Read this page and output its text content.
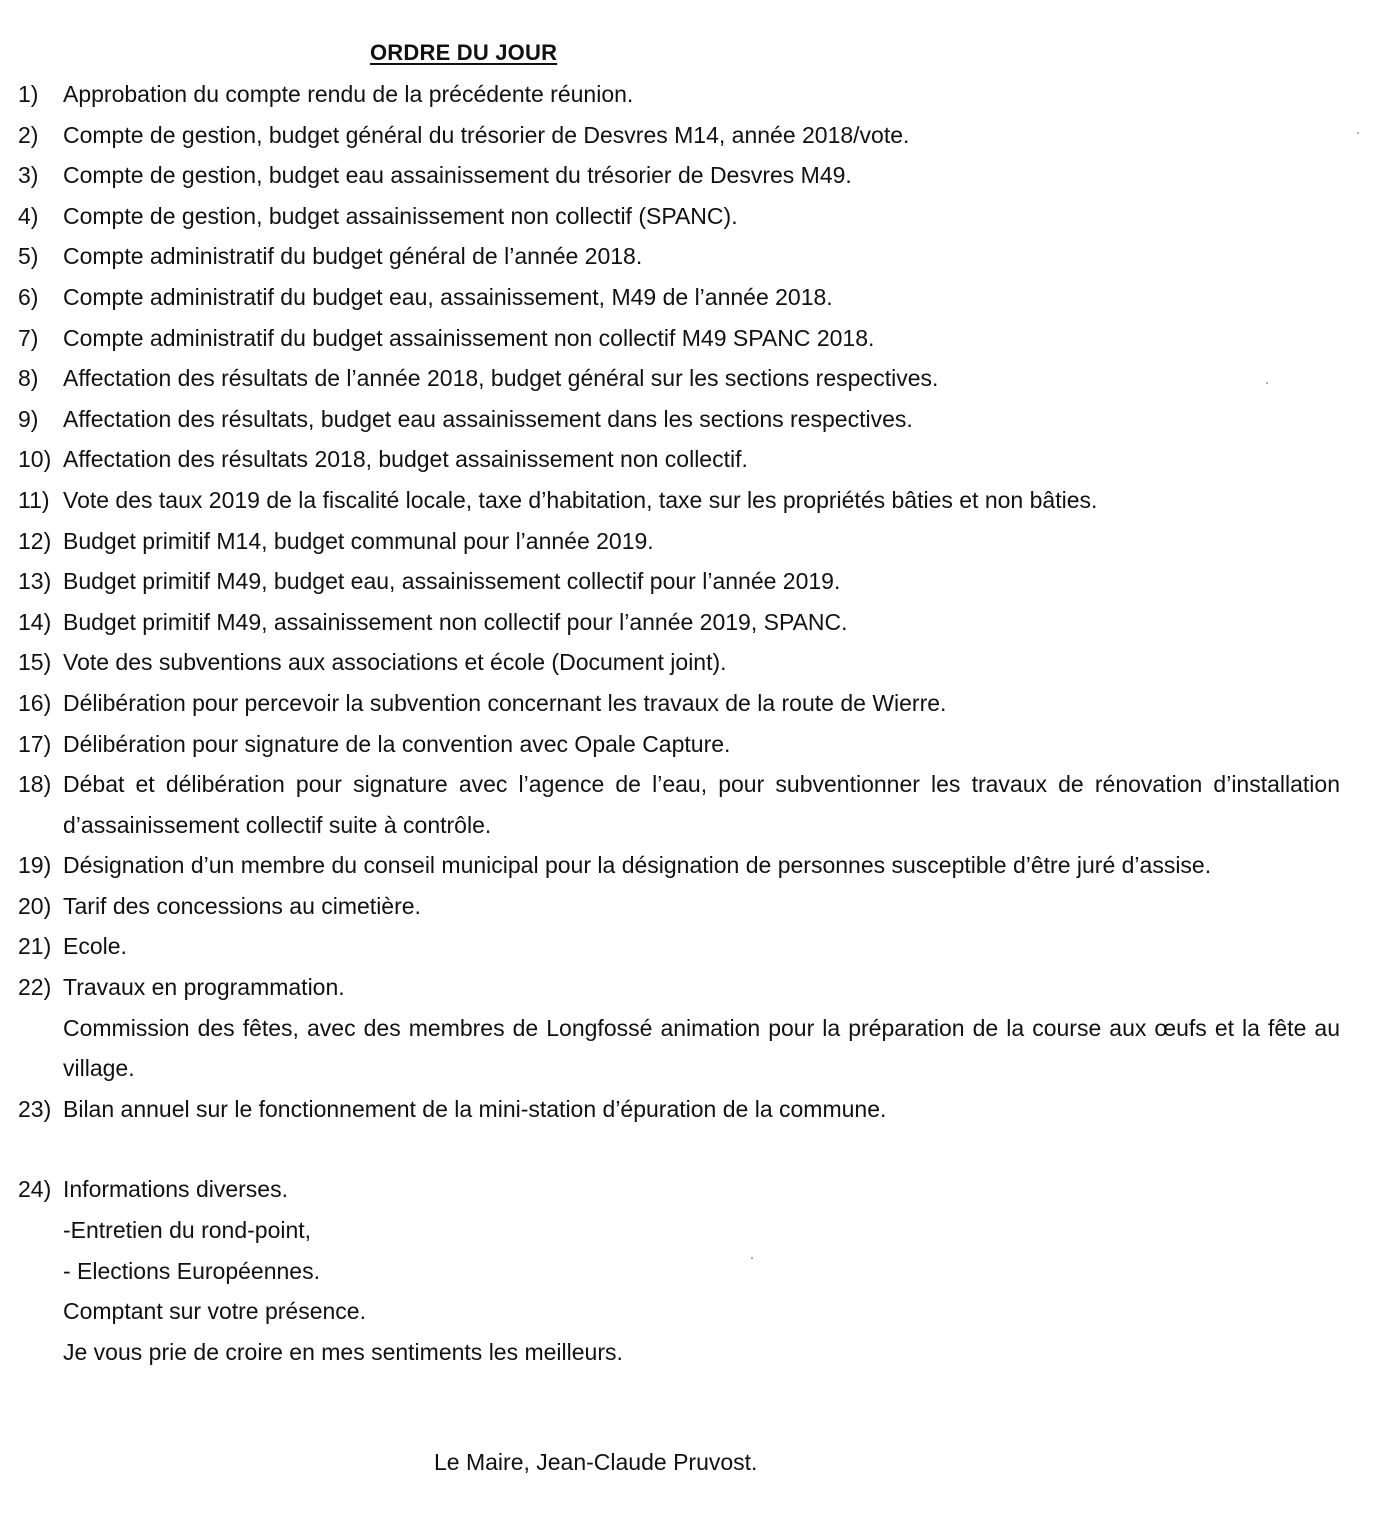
ORDRE DU JOUR
1) Approbation du compte rendu de la précédente réunion.
2) Compte de gestion, budget général du trésorier de Desvres M14, année 2018/vote.
3) Compte de gestion, budget eau assainissement du trésorier de Desvres M49.
4) Compte de gestion, budget assainissement non collectif (SPANC).
5) Compte administratif du budget général de l’année 2018.
6) Compte administratif du budget eau, assainissement, M49 de l’année 2018.
7) Compte administratif du budget assainissement non collectif M49 SPANC 2018.
8) Affectation des résultats de l’année 2018, budget général sur les sections respectives.
9) Affectation des résultats, budget eau assainissement dans les sections respectives.
10) Affectation des résultats 2018, budget assainissement non collectif.
11) Vote des taux 2019 de la fiscalité locale, taxe d’habitation, taxe sur les propriétés bâties et non bâties.
12) Budget primitif M14, budget communal pour l’année 2019.
13) Budget primitif M49, budget eau, assainissement collectif pour l’année 2019.
14) Budget primitif M49, assainissement non collectif pour l’année 2019, SPANC.
15) Vote des subventions aux associations et école (Document joint).
16) Délibération pour percevoir la subvention concernant les travaux de la route de Wierre.
17) Délibération pour signature de la convention avec Opale Capture.
18) Débat et délibération pour signature avec l’agence de l’eau, pour subventionner les travaux de rénovation d’installation d’assainissement collectif suite à contrôle.
19) Désignation d’un membre du conseil municipal pour la désignation de personnes susceptible d’être juré d’assise.
20) Tarif des concessions au cimetière.
21) Ecole.
22) Travaux en programmation.
Commission des fêtes, avec des membres de Longfossé animation pour la préparation de la course aux œufs et la fête au village.
23) Bilan annuel sur le fonctionnement de la mini-station d’épuration de la commune.
24) Informations diverses.
-Entretien du rond-point,
- Elections Européennes.
Comptant sur votre présence.
Je vous prie de croire en mes sentiments les meilleurs.
Le Maire, Jean-Claude Pruvost.
